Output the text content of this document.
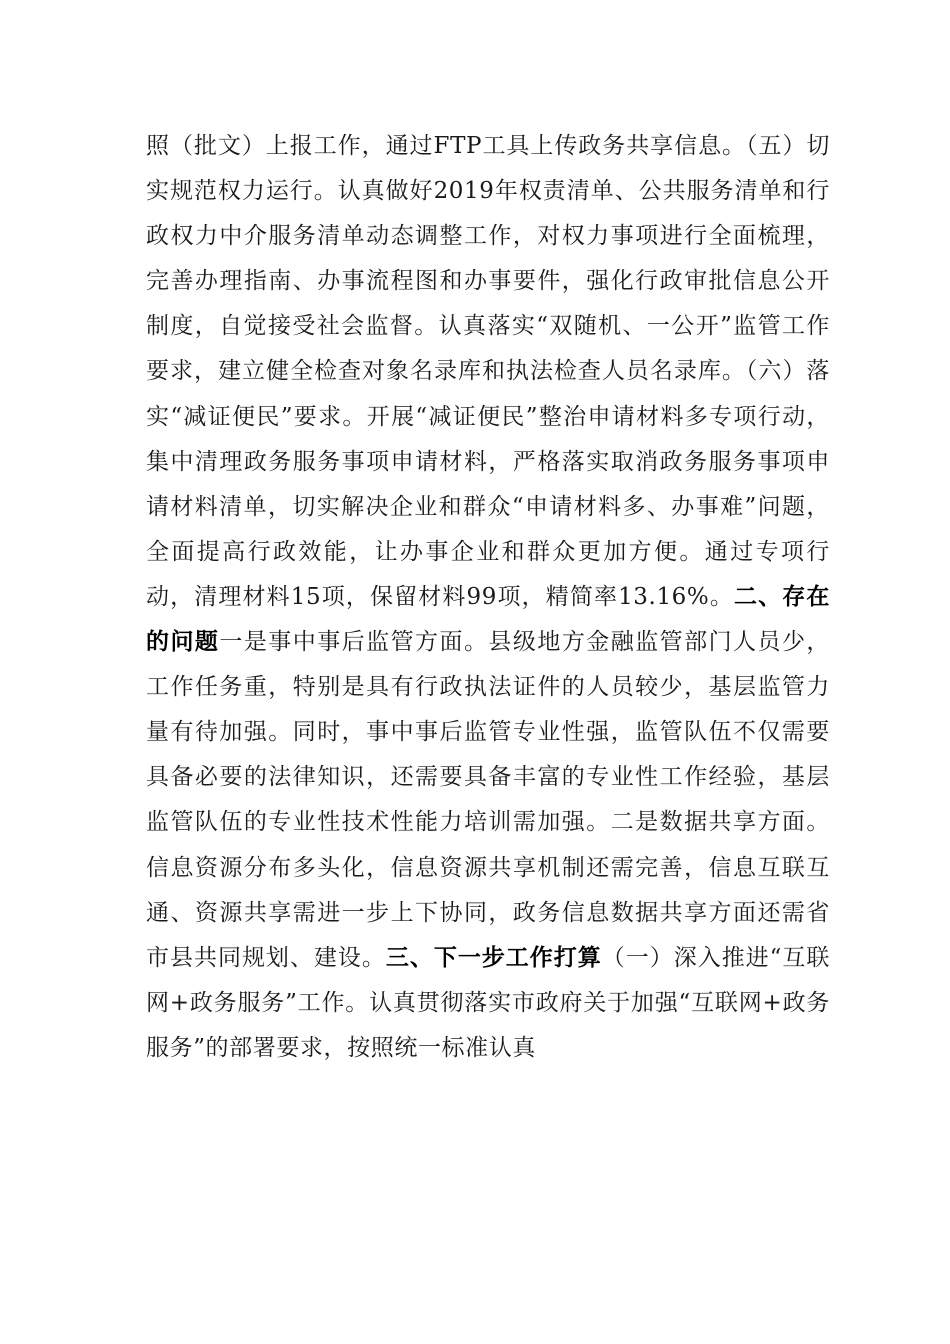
照（批文）上报工作，通过FTP工具上传政务共享信息。（五）切实规范权力运行。认真做好2019年权责清单、公共服务清单和行政权力中介服务清单动态调整工作，对权力事项进行全面梳理，完善办理指南、办事流程图和办事要件，强化行政审批信息公开制度，自觉接受社会监督。认真落实“双随机、一公开”监管工作要求，建立健全检查对象名录库和执法检查人员名录库。（六）落实“减证便民”要求。开展“减证便民”整治申请材料多专项行动，集中清理政务服务事项申请材料，严格落实取消政务服务事项申请材料清单，切实解决企业和群众“申请材料多、办事难”问题，全面提高行政效能，让办事企业和群众更加方便。通过专项行动，清理材料15项，保留材料99项，精简率13.16%。二、存在的问题一是事中事后监管方面。县级地方金融监管部门人员少，工作任务重，特别是具有行政执法证件的人员较少，基层监管力量有待加强。同时，事中事后监管专业性强，监管队伍不仅需要具备必要的法律知识，还需要具备丰富的专业性工作经验，基层监管队伍的专业性技术性能力培训需加强。二是数据共享方面。信息资源分布多头化，信息资源共享机制还需完善，信息互联互通、资源共享需进一步上下协同，政务信息数据共享方面还需省市县共同规划、建设。三、下一步工作打算（一）深入推进“互联网+政务服务”工作。认真贯彻落实市政府关于加强“互联网+政务服务”的部署要求，按照统一标准认真
